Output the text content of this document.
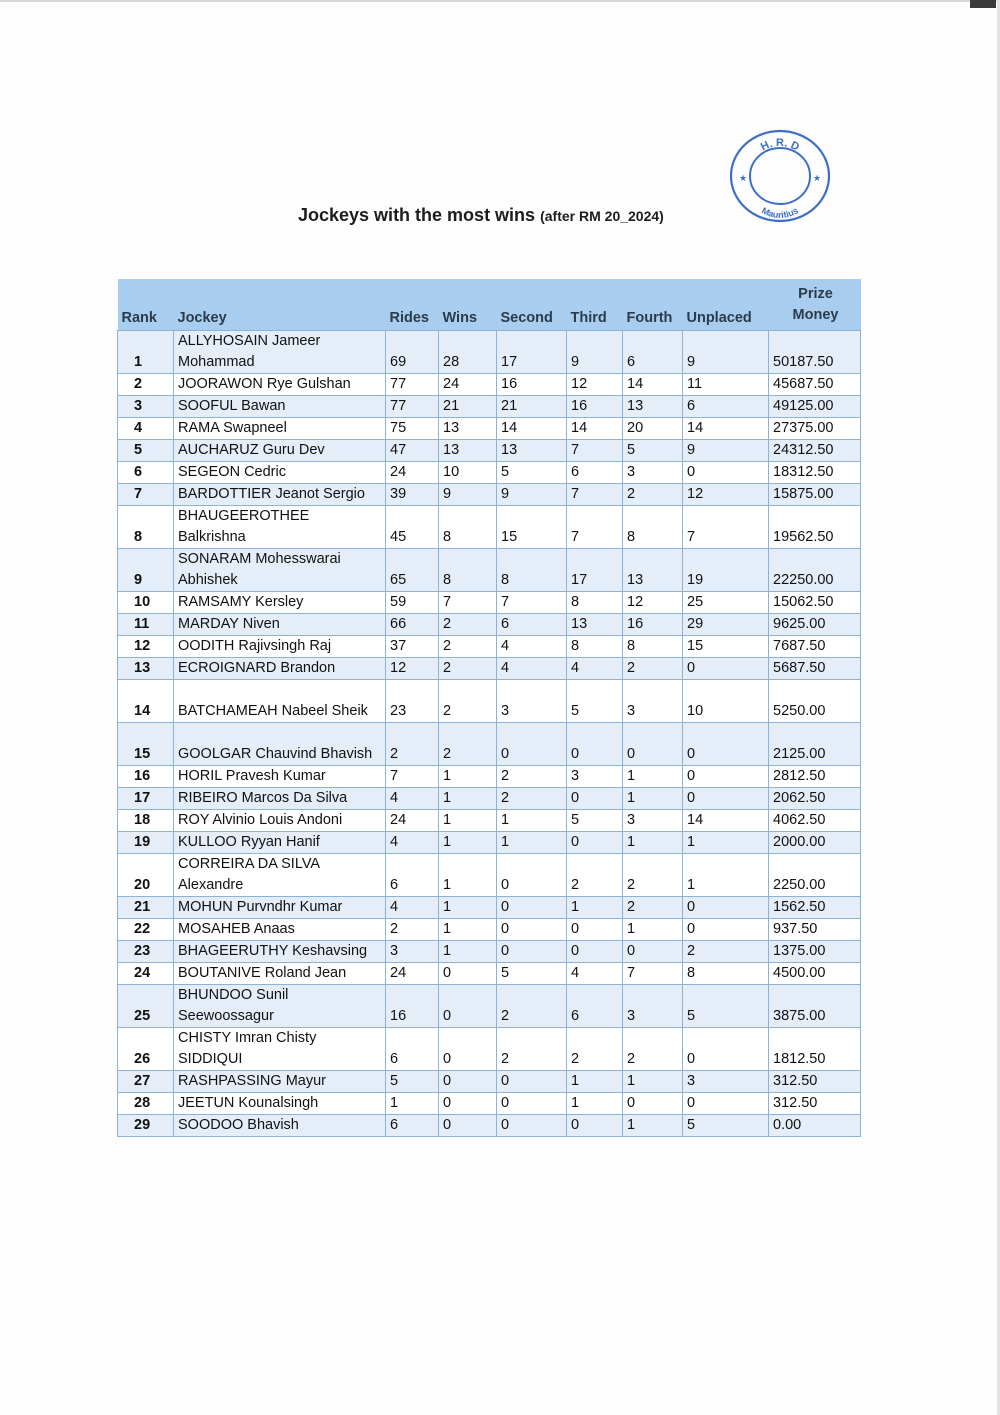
H. R. D
Mauritius
★	★
Jockeys with the most wins (after RM 20_2024)
Rank	Jockey	Rides	Wins	Second	Third	Fourth	Unplaced	Prize
Money
1	ALLYHOSAIN Jameer Mohammad	69	28	17	9	6	9	50187.50
2	JOORAWON Rye Gulshan	77	24	16	12	14	11	45687.50
3	SOOFUL Bawan	77	21	21	16	13	6	49125.00
4	RAMA Swapneel	75	13	14	14	20	14	27375.00
5	AUCHARUZ Guru Dev	47	13	13	7	5	9	24312.50
6	SEGEON Cedric	24	10	5	6	3	0	18312.50
7	BARDOTTIER Jeanot Sergio	39	9	9	7	2	12	15875.00
8	BHAUGEEROTHEE Balkrishna	45	8	15	7	8	7	19562.50
9	SONARAM Mohesswarai Abhishek	65	8	8	17	13	19	22250.00
10	RAMSAMY Kersley	59	7	7	8	12	25	15062.50
11	MARDAY Niven	66	2	6	13	16	29	9625.00
12	OODITH Rajivsingh Raj	37	2	4	8	8	15	7687.50
13	ECROIGNARD Brandon	12	2	4	4	2	0	5687.50
14	BATCHAMEAH Nabeel Sheik	23	2	3	5	3	10	5250.00
15	GOOLGAR Chauvind Bhavish	2	2	0	0	0	0	2125.00
16	HORIL Pravesh Kumar	7	1	2	3	1	0	2812.50
17	RIBEIRO Marcos Da Silva	4	1	2	0	1	0	2062.50
18	ROY Alvinio Louis Andoni	24	1	1	5	3	14	4062.50
19	KULLOO Ryyan Hanif	4	1	1	0	1	1	2000.00
20	CORREIRA DA SILVA Alexandre	6	1	0	2	2	1	2250.00
21	MOHUN Purvndhr Kumar	4	1	0	1	2	0	1562.50
22	MOSAHEB Anaas	2	1	0	0	1	0	937.50
23	BHAGEERUTHY Keshavsing	3	1	0	0	0	2	1375.00
24	BOUTANIVE Roland Jean	24	0	5	4	7	8	4500.00
25	BHUNDOO Sunil Seewoossagur	16	0	2	6	3	5	3875.00
26	CHISTY Imran Chisty SIDDIQUI	6	0	2	2	2	0	1812.50
27	RASHPASSING Mayur	5	0	0	1	1	3	312.50
28	JEETUN Kounalsingh	1	0	0	1	0	0	312.50
29	SOODOO Bhavish	6	0	0	0	1	5	0.00
